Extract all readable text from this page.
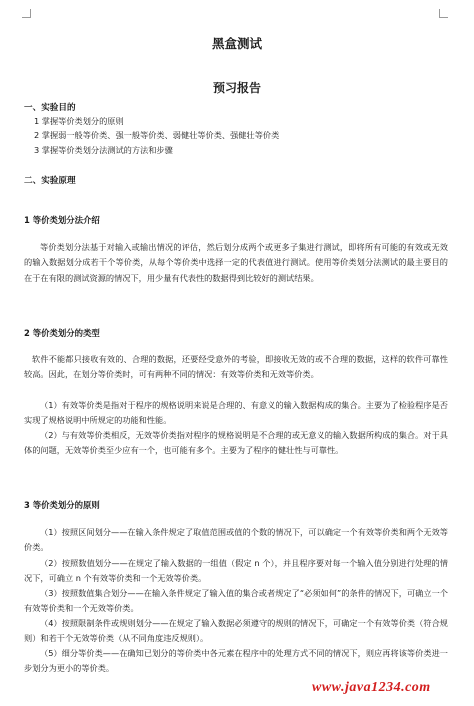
黑盒测试
预习报告
一、实验目的
1 掌握等价类划分的原则
2 掌握弱一般等价类、强一般等价类、弱健壮等价类、强健壮等价类
3 掌握等价类划分法测试的方法和步骤
二、实验原理
1 等价类划分法介绍
等价类划分法基于对输入或输出情况的评估，然后划分成两个或更多子集进行测试，即将所有可能的有效或无效的输入数据划分成若干个等价类，从每个等价类中选择一定的代表值进行测试。使用等价类划分法测试的最主要目的在于在有限的测试资源的情况下，用少量有代表性的数据得到比较好的测试结果。
2 等价类划分的类型
软件不能都只接收有效的、合理的数据，还要经受意外的考验，即接收无效的或不合理的数据，这样的软件可靠性较高。因此，在划分等价类时，可有两种不同的情况：有效等价类和无效等价类。
（1）有效等价类是指对于程序的规格说明来说是合理的、有意义的输入数据构成的集合。主要为了检验程序是否实现了规格说明中所规定的功能和性能。
（2）与有效等价类相反，无效等价类指对程序的规格说明是不合理的或无意义的输入数据所构成的集合。对于具体的问题，无效等价类至少应有一个，也可能有多个。主要为了程序的健壮性与可靠性。
3 等价类划分的原则
（1）按照区间划分——在输入条件规定了取值范围或值的个数的情况下，可以确定一个有效等价类和两个无效等价类。
（2）按照数值划分——在规定了输入数据的一组值（假定 n 个），并且程序要对每一个输入值分别进行处理的情况下，可确立 n 个有效等价类和一个无效等价类。
（3）按照数值集合划分——在输入条件规定了输入值的集合或者规定了“必须如何”的条件的情况下，可确立一个有效等价类和一个无效等价类。
（4）按照限制条件或规则划分——在规定了输入数据必须遵守的规则的情况下，可确定一个有效等价类（符合规则）和若干个无效等价类（从不同角度违反规则）。
（5）细分等价类——在确知已划分的等价类中各元素在程序中的处理方式不同的情况下，则应再将该等价类进一步划分为更小的等价类。
www.java1234.com
